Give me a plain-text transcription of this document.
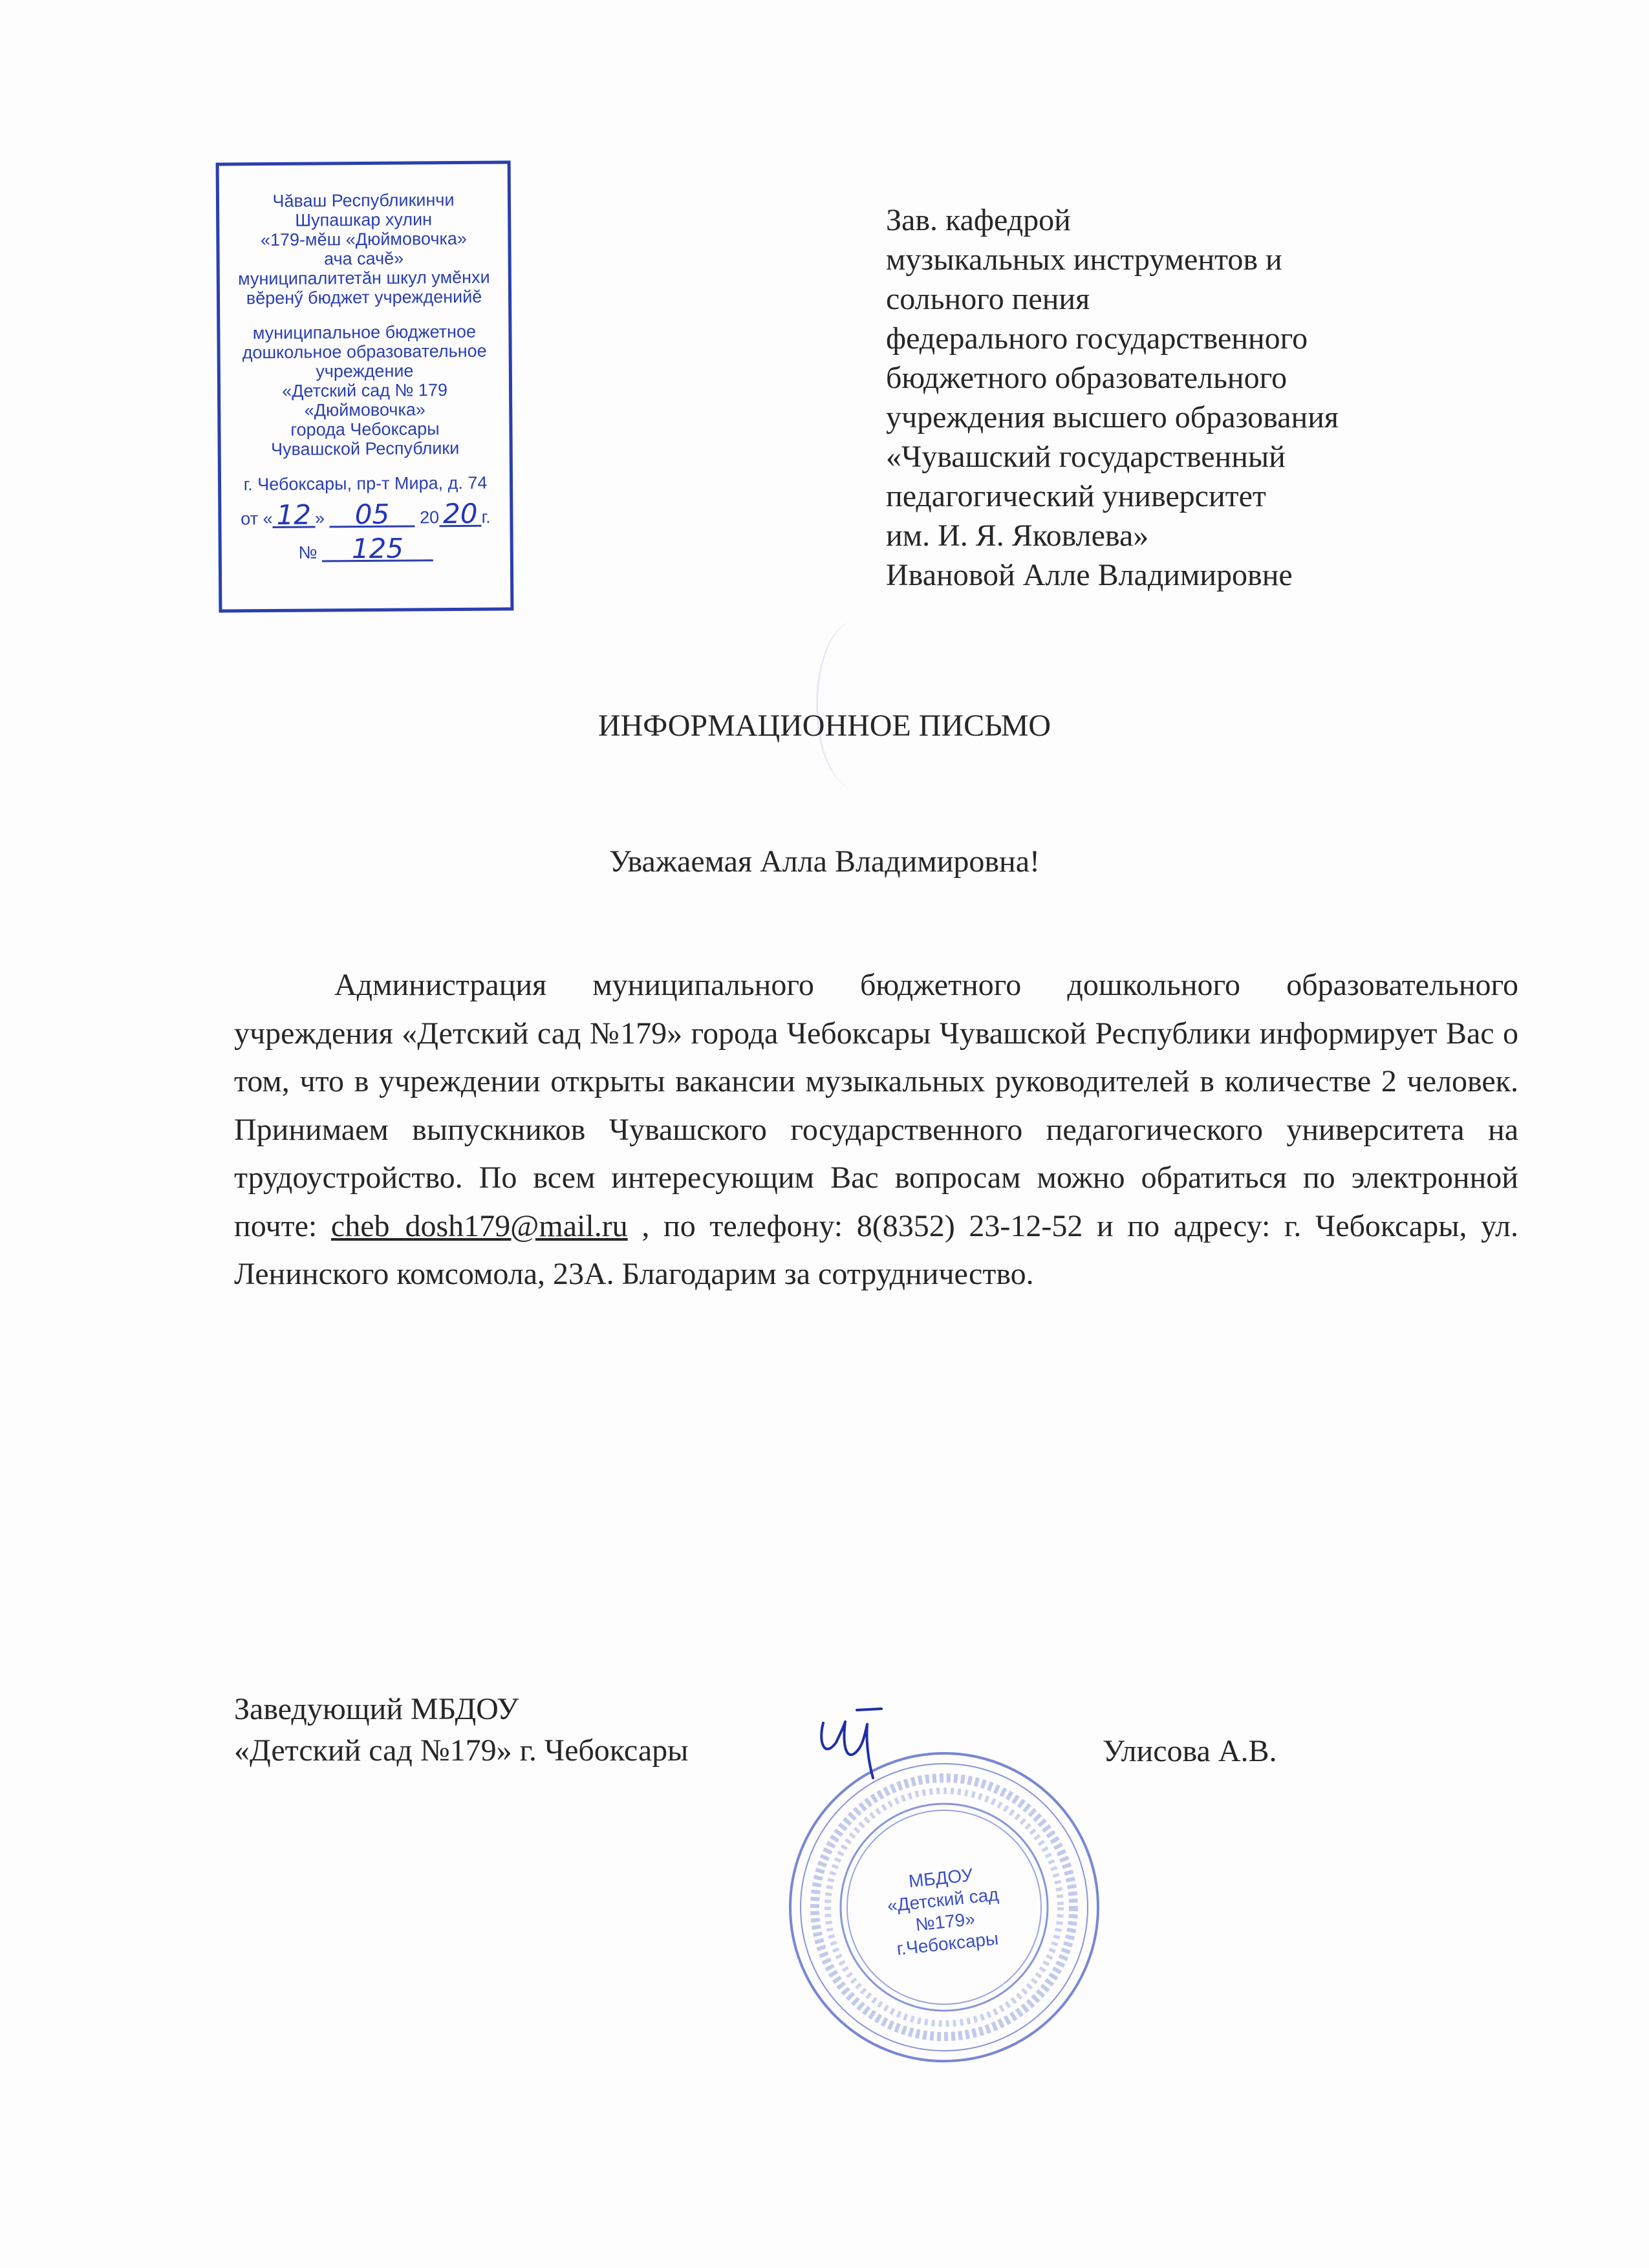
Чăваш Республикинчи
Шупашкар хулин
«179-мĕш «Дюймовочка»
ача сачĕ»
муниципалитетăн шкул умĕнхи
вĕренӳ бюджет учрежденийĕ
муниципальное бюджетное
дошкольное образовательное
учреждение
«Детский сад № 179
«Дюймовочка»
города Чебоксары
Чувашской Республики
г. Чебоксары, пр-т Мира, д. 74
от « 12 » 05 20 20 г.
№ 125
Зав. кафедрой
музыкальных инструментов и
сольного пения
федерального государственного
бюджетного образовательного
учреждения высшего образования
«Чувашский государственный
педагогический университет
им. И. Я. Яковлева»
Ивановой Алле Владимировне
ИНФОРМАЦИОННОЕ ПИСЬМО
Уважаемая Алла Владимировна!
Администрация муниципального бюджетного дошкольного образовательного учреждения «Детский сад №179» города Чебоксары Чувашской Республики информирует Вас о том, что в учреждении открыты вакансии музыкальных руководителей в количестве 2 человек. Принимаем выпускников Чувашского государственного педагогического университета на трудоустройство. По всем интересующим Вас вопросам можно обратиться по электронной почте: cheb_dosh179@mail.ru , по телефону: 8(8352) 23-12-52 и по адресу: г. Чебоксары, ул. Ленинского комсомола, 23А. Благодарим за сотрудничество.
Заведующий МБДОУ
«Детский сад №179» г. Чебоксары
МБДОУ
«Детский сад
№179»
г.Чебоксары
Улисова А.В.
